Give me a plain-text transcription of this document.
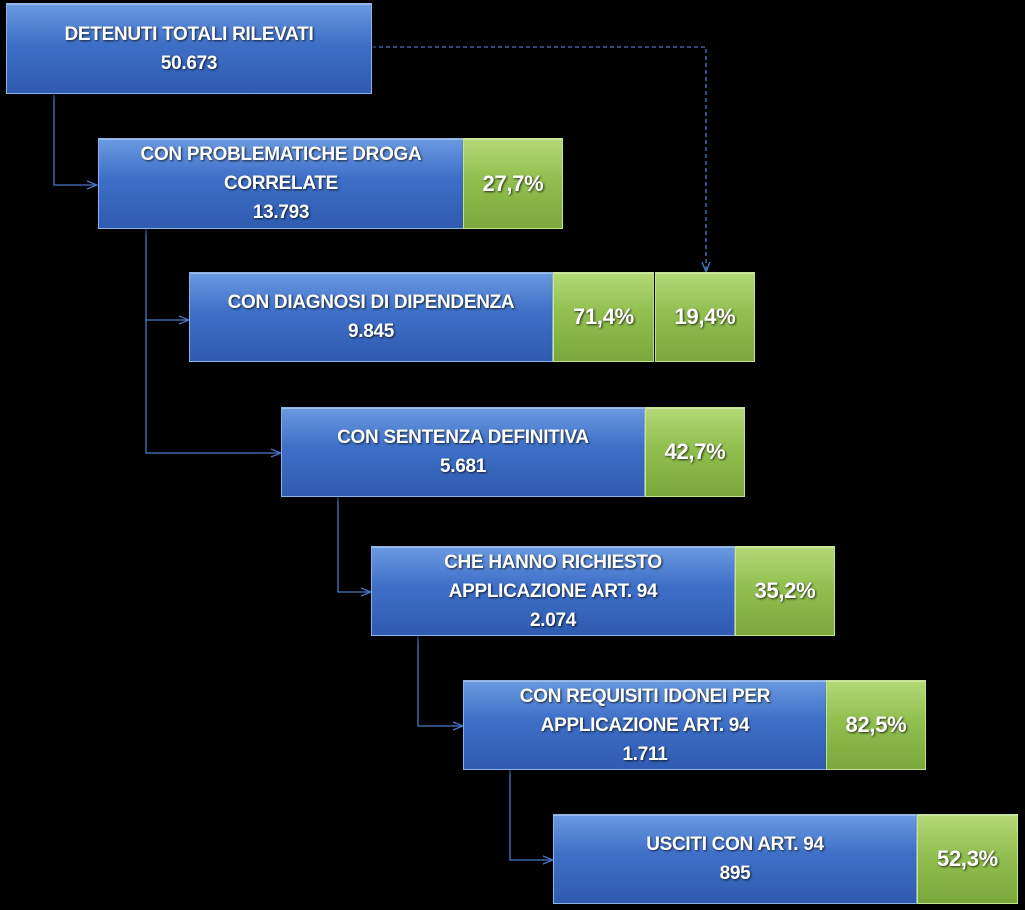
DETENUTI TOTALI RILEVATI
50.673
CON PROBLEMATICHE DROGA
CORRELATE
13.793
27,7%
CON DIAGNOSI DI DIPENDENZA
9.845
71,4% 19,4%
CON SENTENZA DEFINITIVA
5.681
42,7%
CHE HANNO RICHIESTO
APPLICAZIONE ART. 94
2.074
35,2%
CON REQUISITI IDONEI PER
APPLICAZIONE ART. 94
1.711
82,5%
USCITI CON ART. 94
895
52,3%
